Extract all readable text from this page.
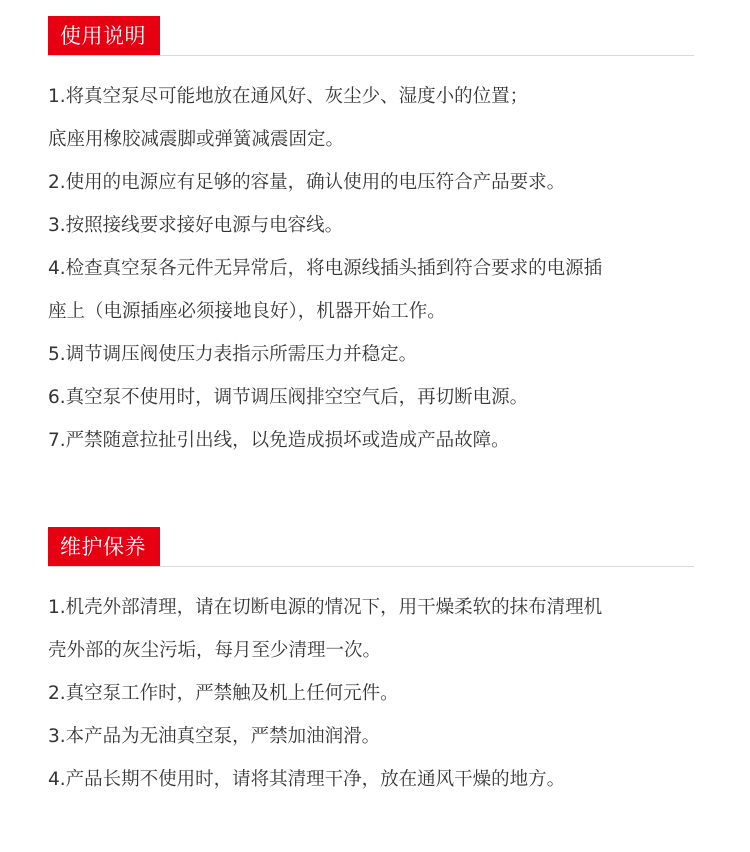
使用说明
1.将真空泵尽可能地放在通风好、灰尘少、湿度小的位置；
底座用橡胶减震脚或弹簧减震固定。
2.使用的电源应有足够的容量，确认使用的电压符合产品要求。
3.按照接线要求接好电源与电容线。
4.检查真空泵各元件无异常后，将电源线插头插到符合要求的电源插
座上（电源插座必须接地良好），机器开始工作。
5.调节调压阀使压力表指示所需压力并稳定。
6.真空泵不使用时，调节调压阀排空空气后，再切断电源。
7.严禁随意拉扯引出线，以免造成损坏或造成产品故障。
维护保养
1.机壳外部清理，请在切断电源的情况下，用干燥柔软的抹布清理机
壳外部的灰尘污垢，每月至少清理一次。
2.真空泵工作时，严禁触及机上任何元件。
3.本产品为无油真空泵，严禁加油润滑。
4.产品长期不使用时，请将其清理干净，放在通风干燥的地方。
